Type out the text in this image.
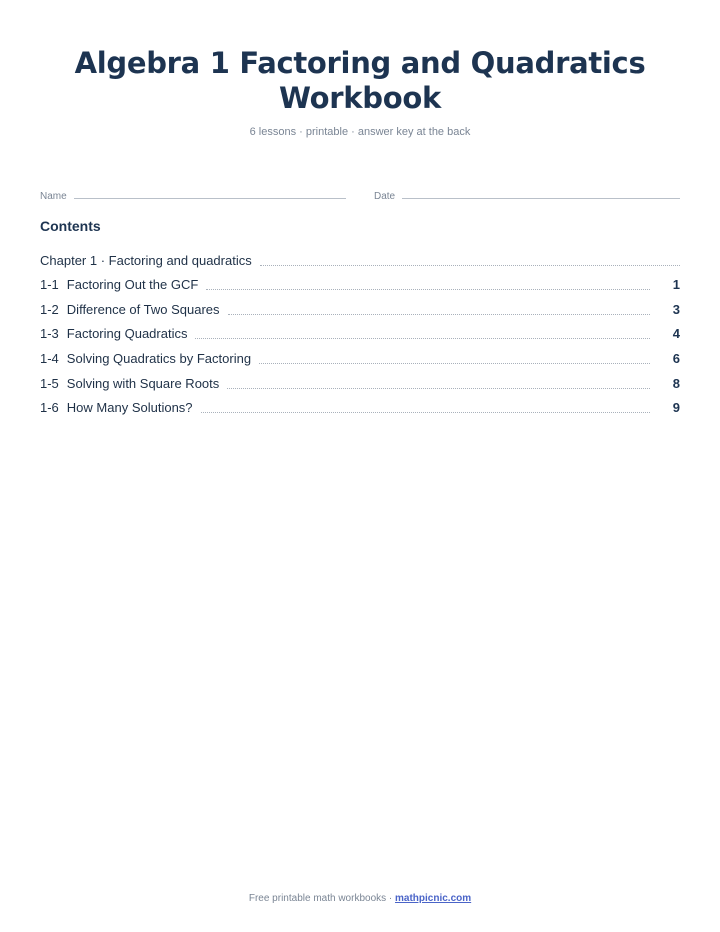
Algebra 1 Factoring and Quadratics Workbook
6 lessons · printable · answer key at the back
Name	Date
Contents
Chapter 1 · Factoring and quadratics
1-1 Factoring Out the GCF	1
1-2 Difference of Two Squares	3
1-3 Factoring Quadratics	4
1-4 Solving Quadratics by Factoring	6
1-5 Solving with Square Roots	8
1-6 How Many Solutions?	9
Free printable math workbooks · mathpicnic.com
